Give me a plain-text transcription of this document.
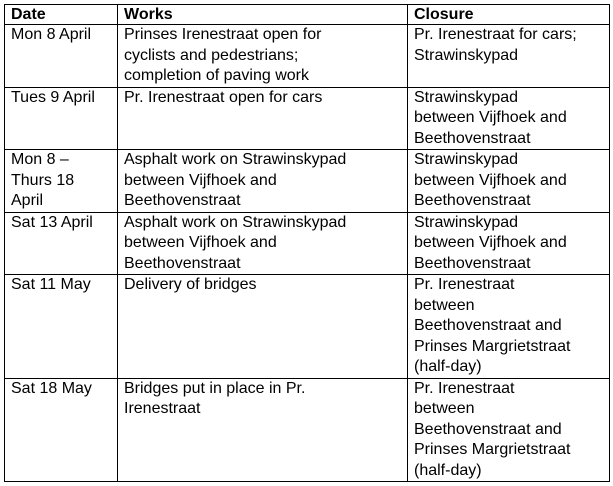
Date	Works	Closure

Mon 8 April	Prinses Irenestraat open for
cyclists and pedestrians;
completion of paving work	Pr. Irenestraat for cars;
Strawinskypad

Tues 9 April	Pr. Irenestraat open for cars	Strawinskypad
between Vijfhoek and
Beethovenstraat

Mon 8 –
Thurs 18
April	Asphalt work on Strawinskypad
between Vijfhoek and
Beethovenstraat	Strawinskypad
between Vijfhoek and
Beethovenstraat

Sat 13 April	Asphalt work on Strawinskypad
between Vijfhoek and
Beethovenstraat	Strawinskypad
between Vijfhoek and
Beethovenstraat

Sat 11 May	Delivery of bridges	Pr. Irenestraat
between
Beethovenstraat and
Prinses Margrietstraat
(half-day)

Sat 18 May	Bridges put in place in Pr.
Irenestraat	Pr. Irenestraat
between
Beethovenstraat and
Prinses Margrietstraat
(half-day)
